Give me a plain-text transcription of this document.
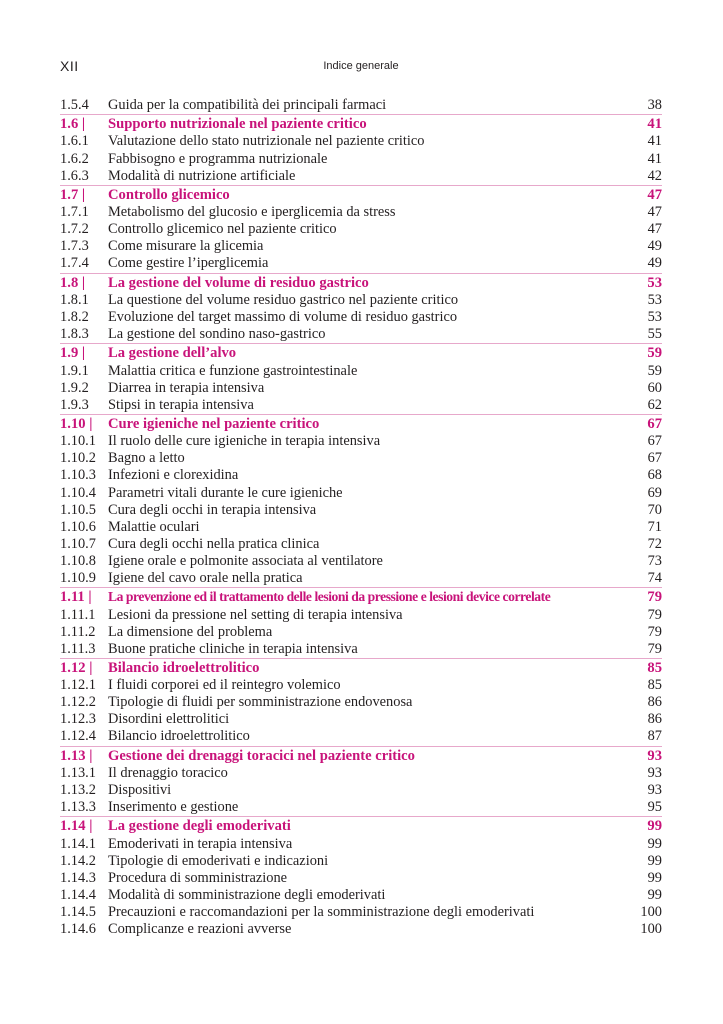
XII	Indice generale
1.5.4 Guida per la compatibilità dei principali farmaci	38
1.6 | Supporto nutrizionale nel paziente critico	41
1.6.1 Valutazione dello stato nutrizionale nel paziente critico	41
1.6.2 Fabbisogno e programma nutrizionale	41
1.6.3 Modalità di nutrizione artificiale	42
1.7 | Controllo glicemico	47
1.7.1 Metabolismo del glucosio e iperglicemia da stress	47
1.7.2 Controllo glicemico nel paziente critico	47
1.7.3 Come misurare la glicemia	49
1.7.4 Come gestire l’iperglicemia	49
1.8 | La gestione del volume di residuo gastrico	53
1.8.1 La questione del volume residuo gastrico nel paziente critico	53
1.8.2 Evoluzione del target massimo di volume di residuo gastrico	53
1.8.3 La gestione del sondino naso-gastrico	55
1.9 | La gestione dell’alvo	59
1.9.1 Malattia critica e funzione gastrointestinale	59
1.9.2 Diarrea in terapia intensiva	60
1.9.3 Stipsi in terapia intensiva	62
1.10 | Cure igieniche nel paziente critico	67
1.10.1 Il ruolo delle cure igieniche in terapia intensiva	67
1.10.2 Bagno a letto	67
1.10.3 Infezioni e clorexidina	68
1.10.4 Parametri vitali durante le cure igieniche	69
1.10.5 Cura degli occhi in terapia intensiva	70
1.10.6 Malattie oculari	71
1.10.7 Cura degli occhi nella pratica clinica	72
1.10.8 Igiene orale e polmonite associata al ventilatore	73
1.10.9 Igiene del cavo orale nella pratica	74
1.11 | La prevenzione ed il trattamento delle lesioni da pressione e lesioni device correlate	79
1.11.1 Lesioni da pressione nel setting di terapia intensiva	79
1.11.2 La dimensione del problema	79
1.11.3 Buone pratiche cliniche in terapia intensiva	79
1.12 | Bilancio idroelettrolitico	85
1.12.1 I fluidi corporei ed il reintegro volemico	85
1.12.2 Tipologie di fluidi per somministrazione endovenosa	86
1.12.3 Disordini elettrolitici	86
1.12.4 Bilancio idroelettrolitico	87
1.13 | Gestione dei drenaggi toracici nel paziente critico	93
1.13.1 Il drenaggio toracico	93
1.13.2 Dispositivi	93
1.13.3 Inserimento e gestione	95
1.14 | La gestione degli emoderivati	99
1.14.1 Emoderivati in terapia intensiva	99
1.14.2 Tipologie di emoderivati e indicazioni	99
1.14.3 Procedura di somministrazione	99
1.14.4 Modalità di somministrazione degli emoderivati	99
1.14.5 Precauzioni e raccomandazioni per la somministrazione degli emoderivati	100
1.14.6 Complicanze e reazioni avverse	100
